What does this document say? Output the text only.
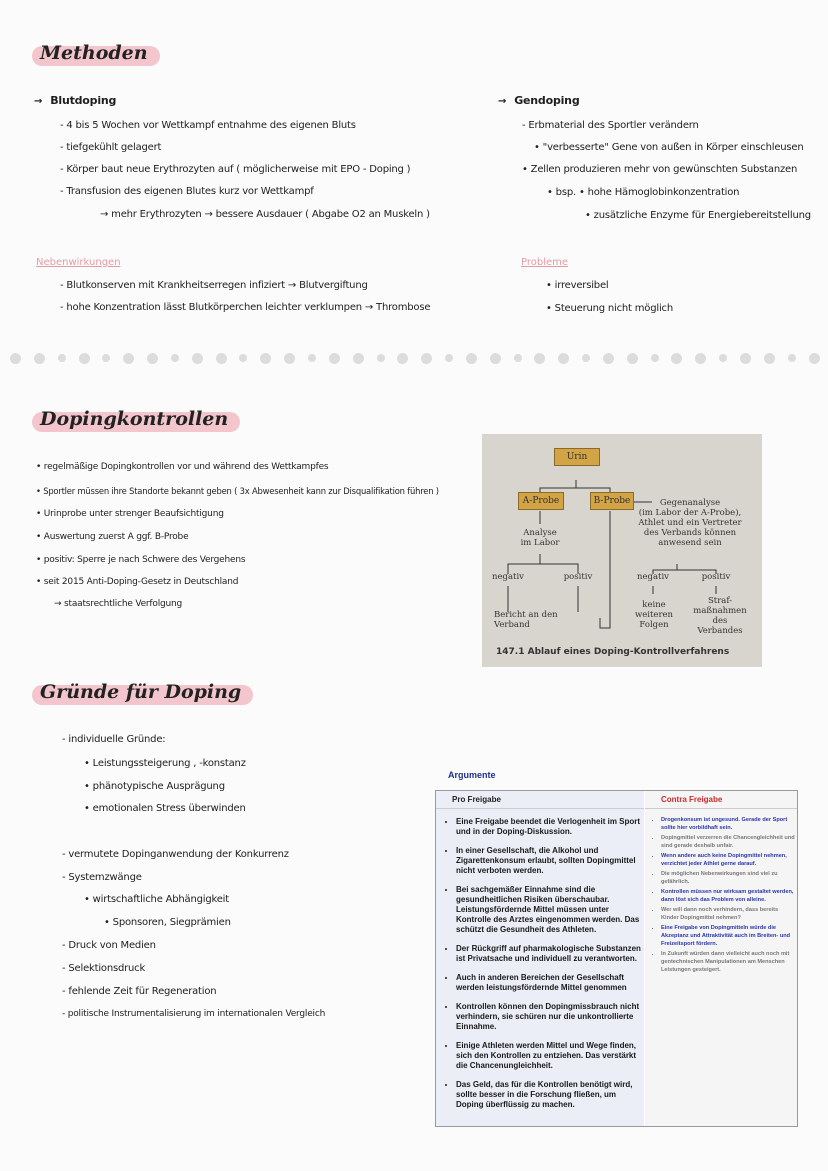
Methoden
Dopingkontrollen
Gründe für Doping
→ Blutdoping
- 4 bis 5 Wochen vor Wettkampf entnahme des eigenen Bluts
- tiefgekühlt gelagert
- Körper baut neue Erythrozyten auf ( möglicherweise mit EPO - Doping )
- Transfusion des eigenen Blutes kurz vor Wettkampf
→ mehr Erythrozyten → bessere Ausdauer ( Abgabe O2 an Muskeln )
Nebenwirkungen
- Blutkonserven mit Krankheitserregen infiziert → Blutvergiftung
- hohe Konzentration lässt Blutkörperchen leichter verklumpen → Thrombose
→ Gendoping
- Erbmaterial des Sportler verändern
• "verbesserte" Gene von außen in Körper einschleusen
• Zellen produzieren mehr von gewünschten Substanzen
• bsp. • hohe Hämoglobinkonzentration
• zusätzliche Enzyme für Energiebereitstellung
Probleme
• irreversibel
• Steuerung nicht möglich
• regelmäßige Dopingkontrollen vor und während des Wettkampfes
• Sportler müssen ihre Standorte bekannt geben ( 3x Abwesenheit kann zur Disqualifikation führen )
• Urinprobe unter strenger Beaufsichtigung
• Auswertung zuerst A ggf. B-Probe
• positiv: Sperre je nach Schwere des Vergehens
• seit 2015 Anti-Doping-Gesetz in Deutschland
→ staatsrechtliche Verfolgung
Urin
A-Probe	B-Probe
Analyse
im Labor
Gegenanalyse
(im Labor der A-Probe),
Athlet und ein Vertreter
des Verbands können
anwesend sein
negativ	positiv
Bericht an den Verband
negativ	positiv
keine weiteren
Folgen
Straf-
maßnahmen
des
Verbandes
147.1 Ablauf eines Doping-Kontrollverfahrens
- individuelle Gründe:
• Leistungssteigerung , -konstanz
• phänotypische Ausprägung
• emotionalen Stress überwinden
- vermutete Dopinganwendung der Konkurrenz
- Systemzwänge
• wirtschaftliche Abhängigkeit
• Sponsoren, Siegprämien
- Druck von Medien
- Selektionsdruck
- fehlende Zeit für Regeneration
- politische Instrumentalisierung im internationalen Vergleich
Argumente
Pro Freigabe
• Eine Freigabe beendet die Verlogenheit im Sport und in der Doping-Diskussion.
• In einer Gesellschaft, die Alkohol und Zigarettenkonsum erlaubt, sollten Dopingmittel nicht verboten werden.
• Bei sachgemäßer Einnahme sind die gesundheitlichen Risiken überschaubar. Leistungsfördernde Mittel müssen unter Kontrolle des Arztes eingenommen werden. Das schützt die Gesundheit des Athleten.
• Der Rückgriff auf pharmakologische Substanzen ist Privatsache und individuell zu verantworten.
• Auch in anderen Bereichen der Gesellschaft werden leistungsfördernde Mittel genommen
• Kontrollen können den Dopingmissbrauch nicht verhindern, sie schüren nur die unkontrollierte Einnahme.
• Einige Athleten werden Mittel und Wege finden, sich den Kontrollen zu entziehen. Das verstärkt die Chancenungleichheit.
• Das Geld, das für die Kontrollen benötigt wird, sollte besser in die Forschung fließen, um Doping überflüssig zu machen.
Contra Freigabe
• Drogenkonsum ist ungesund. Gerade der Sport sollte hier vorbildhaft sein.
• Dopingmittel verzerren die Chancengleichheit und sind gerade deshalb unfair.
• Wenn andere auch keine Dopingmittel nehmen, verzichtet jeder Athlet gerne darauf.
• Die möglichen Nebenwirkungen sind viel zu gefährlich.
• Kontrollen müssen nur wirksam gestaltet werden, dann löst sich das Problem von alleine.
• Wer will dann noch verhindern, dass bereits Kinder Dopingmittel nehmen?
• Eine Freigabe von Dopingmitteln würde die Akzeptanz und Attraktivität auch im Breiten- und Freizeitsport fördern.
• In Zukunft würden dann vielleicht auch noch mit gentechnischen Manipulationen am Menschen Leistungen gesteigert.
